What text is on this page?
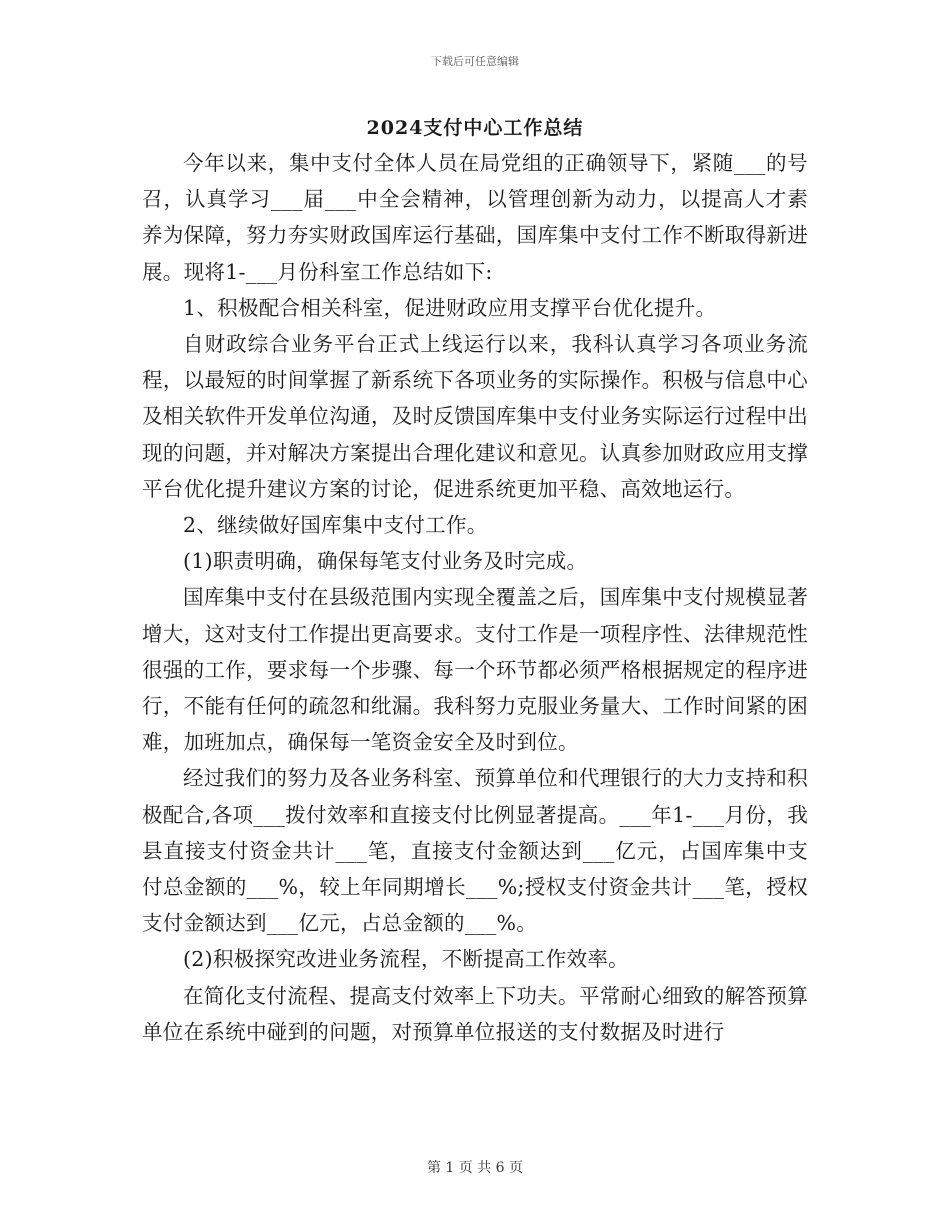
下载后可任意编辑
2024支付中心工作总结

今年以来，集中支付全体人员在局党组的正确领导下，紧随___的号召，认真学习___届___中全会精神，以管理创新为动力，以提高人才素养为保障，努力夯实财政国库运行基础，国库集中支付工作不断取得新进展。现将1-___月份科室工作总结如下:

1、积极配合相关科室，促进财政应用支撑平台优化提升。

自财政综合业务平台正式上线运行以来，我科认真学习各项业务流程，以最短的时间掌握了新系统下各项业务的实际操作。积极与信息中心及相关软件开发单位沟通，及时反馈国库集中支付业务实际运行过程中出现的问题，并对解决方案提出合理化建议和意见。认真参加财政应用支撑平台优化提升建议方案的讨论，促进系统更加平稳、高效地运行。

2、继续做好国库集中支付工作。

(1)职责明确，确保每笔支付业务及时完成。

国库集中支付在县级范围内实现全覆盖之后，国库集中支付规模显著增大，这对支付工作提出更高要求。支付工作是一项程序性、法律规范性很强的工作，要求每一个步骤、每一个环节都必须严格根据规定的程序进行，不能有任何的疏忽和纰漏。我科努力克服业务量大、工作时间紧的困难，加班加点，确保每一笔资金安全及时到位。

经过我们的努力及各业务科室、预算单位和代理银行的大力支持和积极配合,各项___拨付效率和直接支付比例显著提高。___年1-___月份，我县直接支付资金共计___笔，直接支付金额达到___亿元，占国库集中支付总金额的___%，较上年同期增长___%;授权支付资金共计___笔，授权支付金额达到___亿元，占总金额的___%。

(2)积极探究改进业务流程，不断提高工作效率。

在简化支付流程、提高支付效率上下功夫。平常耐心细致的解答预算单位在系统中碰到的问题，对预算单位报送的支付数据及时进行

第 1 页 共 6 页
